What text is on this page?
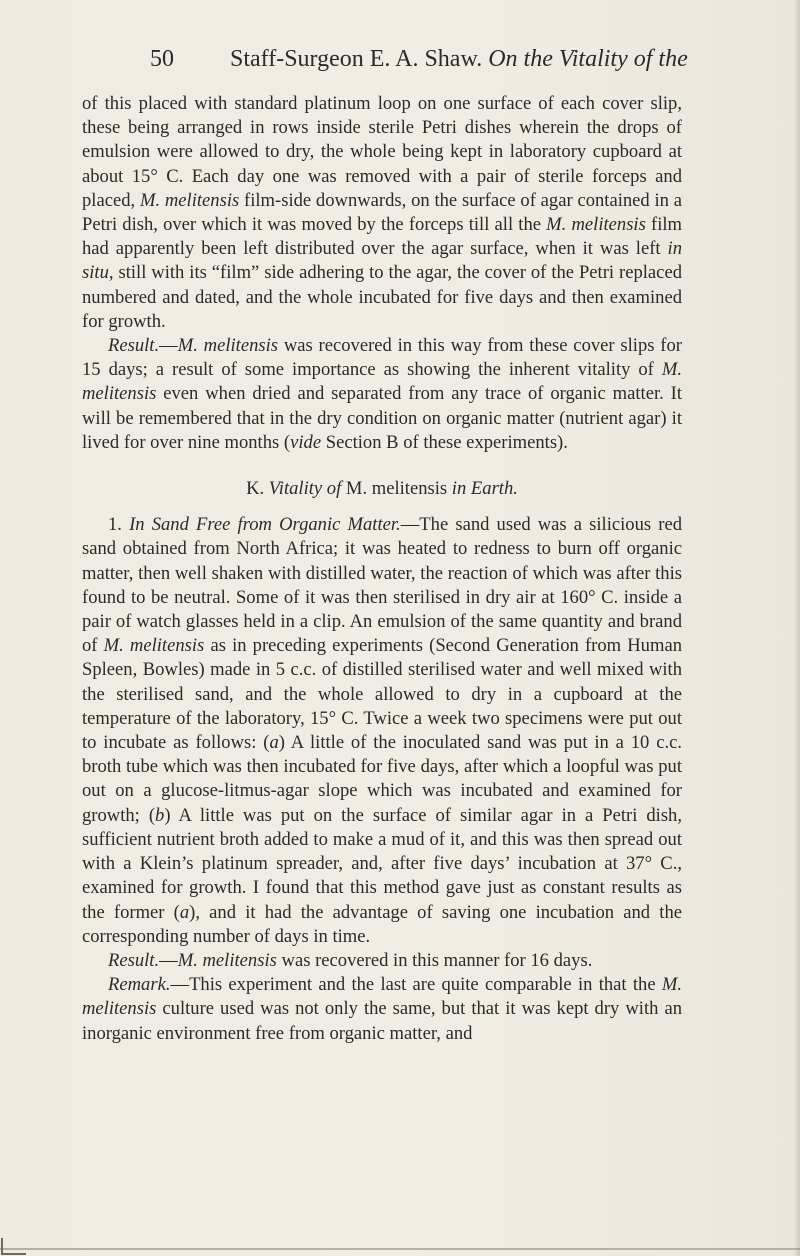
50 Staff-Surgeon E. A. Shaw. On the Vitality of the

of this placed with standard platinum loop on one surface of each cover slip, these being arranged in rows inside sterile Petri dishes wherein the drops of emulsion were allowed to dry, the whole being kept in laboratory cupboard at about 15° C. Each day one was removed with a pair of sterile forceps and placed, M. melitensis film-side downwards, on the surface of agar contained in a Petri dish, over which it was moved by the forceps till all the M. melitensis film had apparently been left distributed over the agar surface, when it was left in situ, still with its “film” side adhering to the agar, the cover of the Petri replaced numbered and dated, and the whole incubated for five days and then examined for growth.

Result.—M. melitensis was recovered in this way from these cover slips for 15 days; a result of some importance as showing the inherent vitality of M. melitensis even when dried and separated from any trace of organic matter. It will be remembered that in the dry condition on organic matter (nutrient agar) it lived for over nine months (vide Section B of these experiments).

K. Vitality of M. melitensis in Earth.

1. In Sand Free from Organic Matter.—The sand used was a silicious red sand obtained from North Africa; it was heated to redness to burn off organic matter, then well shaken with distilled water, the reaction of which was after this found to be neutral. Some of it was then sterilised in dry air at 160° C. inside a pair of watch glasses held in a clip. An emulsion of the same quantity and brand of M. melitensis as in preceding experiments (Second Generation from Human Spleen, Bowles) made in 5 c.c. of distilled sterilised water and well mixed with the sterilised sand, and the whole allowed to dry in a cupboard at the temperature of the laboratory, 15° C. Twice a week two specimens were put out to incubate as follows: (a) A little of the inoculated sand was put in a 10 c.c. broth tube which was then incubated for five days, after which a loopful was put out on a glucose-litmus-agar slope which was incubated and examined for growth; (b) A little was put on the surface of similar agar in a Petri dish, sufficient nutrient broth added to make a mud of it, and this was then spread out with a Klein’s platinum spreader, and, after five days’ incubation at 37° C., examined for growth. I found that this method gave just as constant results as the former (a), and it had the advantage of saving one incubation and the corresponding number of days in time.

Result.—M. melitensis was recovered in this manner for 16 days.

Remark.—This experiment and the last are quite comparable in that the M. melitensis culture used was not only the same, but that it was kept dry with an inorganic environment free from organic matter, and
